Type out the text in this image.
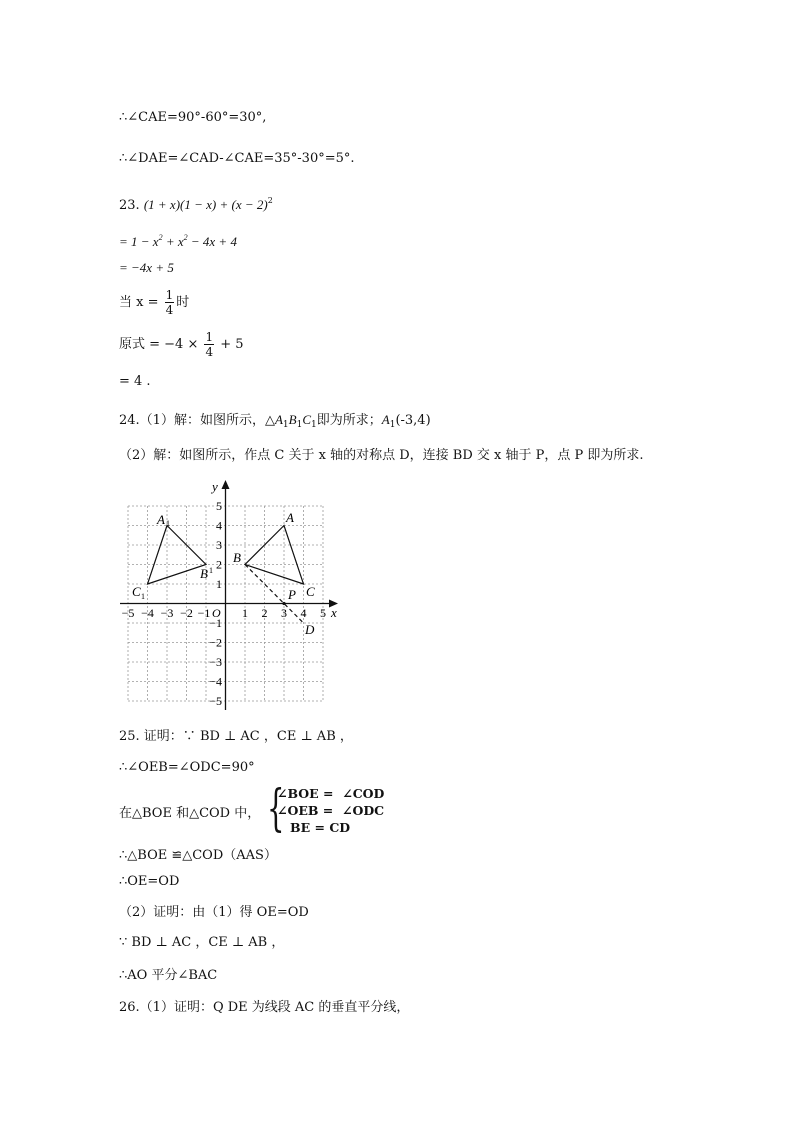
∴∠CAE=90°-60°=30°,
∴∠DAE=∠CAD-∠CAE=35°-30°=5°.
23. $(1 + x)(1 - x) + (x - 2)^2$
= $1 - x^2 + x^2 - 4x + 4$
= −4x + 5
当 $x = \frac{1}{4}$ 时
原式 = $-4 \times \frac{1}{4} + 5$
= 4 .
24.（1）解：如图所示，$\triangle A_1B_1C_1$即为所求；$A_1(-3,4)$
（2）解：如图所示，作点 C 关于 x 轴的对称点 D，连接 BD 交 x 轴于 P，点 P 即为所求.
x
y
O
−5 −4 −3 −2 −1	1 2 3 4 5
5
4
3
2
1
−1
−2
−3
−4
−5
A
B
C
P
D
A 1
B 1
C 1
25. 证明：∵ BD ⊥ AC ，CE ⊥ AB ，
∴∠OEB=∠ODC=90°
在△BOE 和△COD 中， {
∠BOE =  ∠COD
∠OEB =  ∠ODC
BE = CD
∴△BOE ≌△COD（AAS）
∴OE=OD
（2）证明：由（1）得 OE=OD
∵ BD ⊥ AC ，CE ⊥ AB ，
∴AO 平分∠BAC
26.（1）证明：Q DE 为线段 AC 的垂直平分线，
